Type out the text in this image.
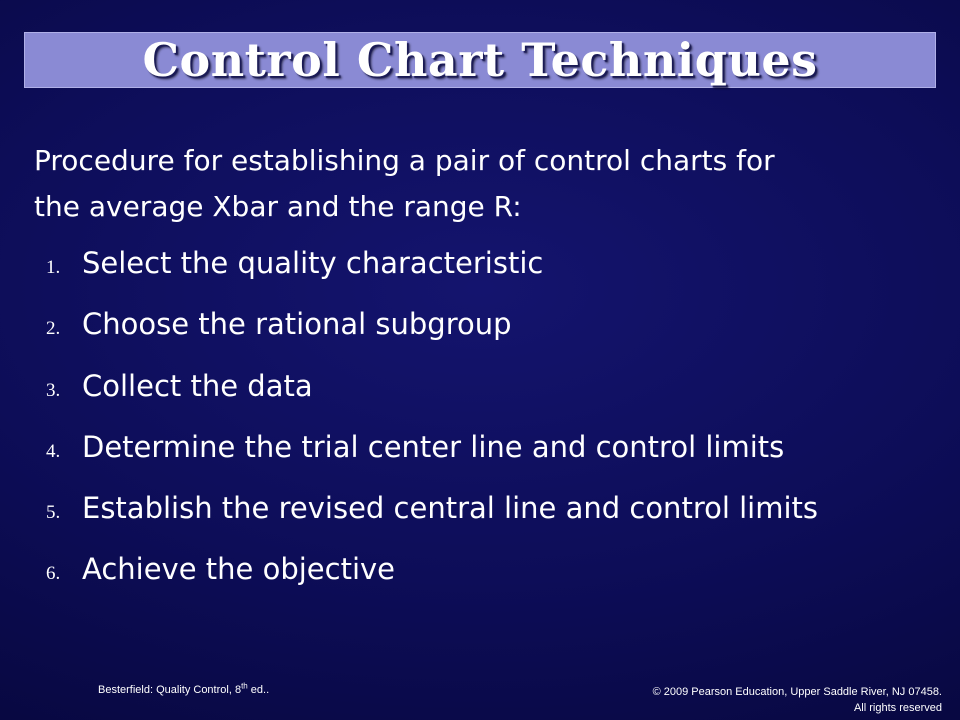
Control Chart Techniques
Procedure for establishing a pair of control charts for
the average Xbar and the range R:
1. Select the quality characteristic
2. Choose the rational subgroup
3. Collect the data
4. Determine the trial center line and control limits
5. Establish the revised central line and control limits
6. Achieve the objective
Besterfield: Quality Control, 8th ed..	© 2009 Pearson Education, Upper Saddle River, NJ 07458.
All rights reserved
